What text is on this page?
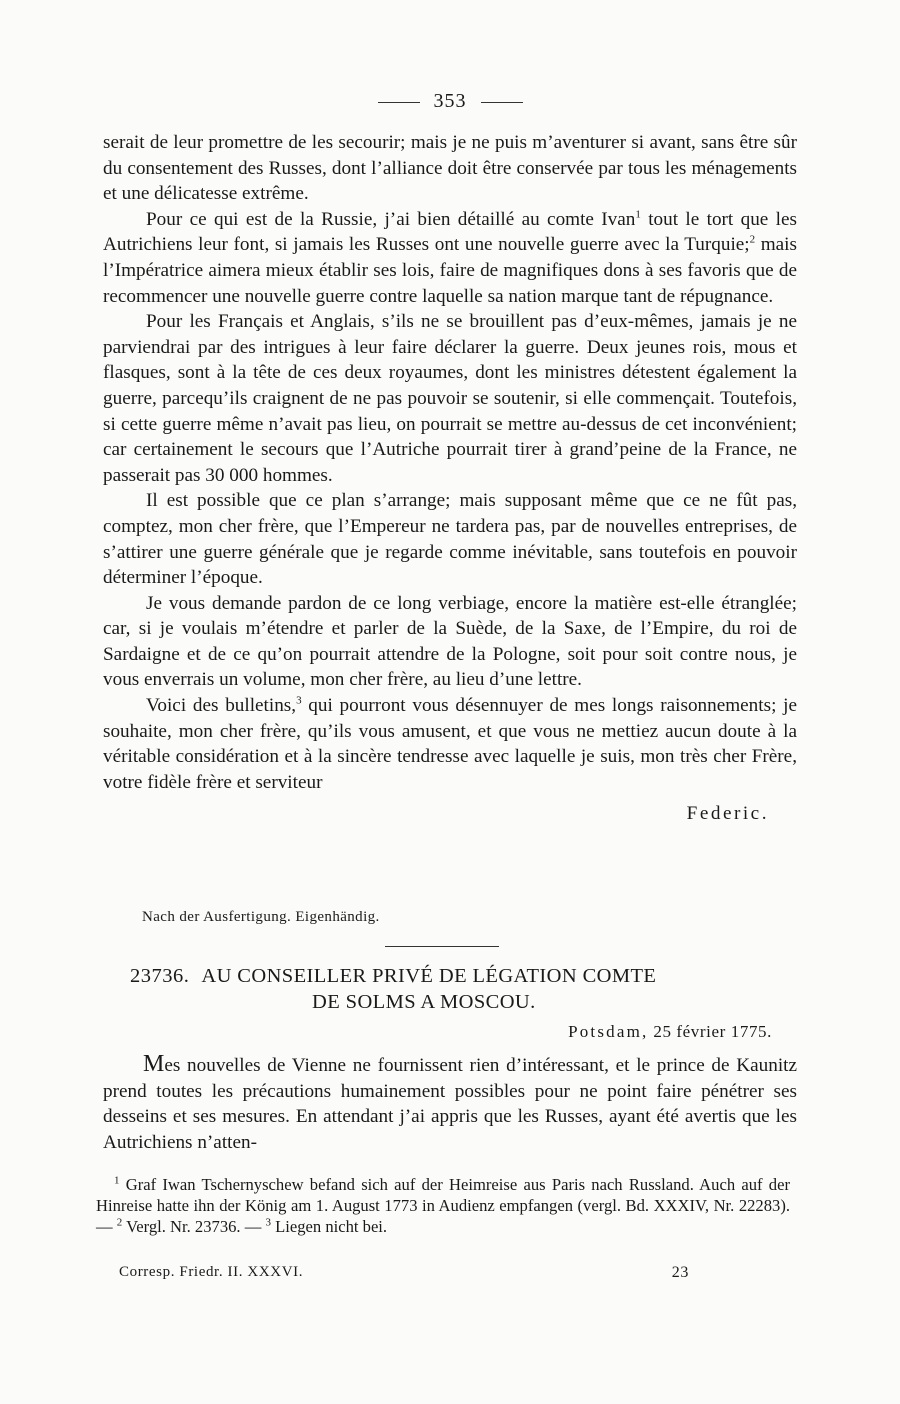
353

serait de leur promettre de les secourir; mais je ne puis m’aventurer si avant, sans être sûr du consentement des Russes, dont l’alliance doit être conservée par tous les ménagements et une délicatesse extrême.

Pour ce qui est de la Russie, j’ai bien détaillé au comte Ivan$^1$ tout le tort que les Autrichiens leur font, si jamais les Russes ont une nouvelle guerre avec la Turquie;$^2$ mais l’Impératrice aimera mieux établir ses lois, faire de magnifiques dons à ses favoris que de recommencer une nouvelle guerre contre laquelle sa nation marque tant de répugnance.

Pour les Français et Anglais, s’ils ne se brouillent pas d’eux-mêmes, jamais je ne parviendrai par des intrigues à leur faire déclarer la guerre. Deux jeunes rois, mous et flasques, sont à la tête de ces deux royaumes, dont les ministres détestent également la guerre, parcequ’ils craignent de ne pas pouvoir se soutenir, si elle commençait. Toutefois, si cette guerre même n’avait pas lieu, on pourrait se mettre au-dessus de cet inconvénient; car certainement le secours que l’Autriche pourrait tirer à grand’peine de la France, ne passerait pas 30 000 hommes.

Il est possible que ce plan s’arrange; mais supposant même que ce ne fût pas, comptez, mon cher frère, que l’Empereur ne tardera pas, par de nouvelles entreprises, de s’attirer une guerre générale que je regarde comme inévitable, sans toutefois en pouvoir déterminer l’époque.

Je vous demande pardon de ce long verbiage, encore la matière est-elle étranglée; car, si je voulais m’étendre et parler de la Suède, de la Saxe, de l’Empire, du roi de Sardaigne et de ce qu’on pourrait attendre de la Pologne, soit pour soit contre nous, je vous enverrais un volume, mon cher frère, au lieu d’une lettre.

Voici des bulletins,$^3$ qui pourront vous désennuyer de mes longs raisonnements; je souhaite, mon cher frère, qu’ils vous amusent, et que vous ne mettiez aucun doute à la véritable considération et à la sincère tendresse avec laquelle je suis, mon très cher Frère, votre fidèle frère et serviteur

Federic.
Nach der Ausfertigung. Eigenhändig.
23736. AU CONSEILLER PRIVÉ DE LÉGATION COMTE
DE SOLMS A MOSCOU.
Potsdam, 25 février 1775.

Mes nouvelles de Vienne ne fournissent rien d’intéressant, et le prince de Kaunitz prend toutes les précautions humainement possibles pour ne point faire pénétrer ses desseins et ses mesures. En attendant j’ai appris que les Russes, ayant été avertis que les Autrichiens n’atten-

$^1$ Graf Iwan Tschernyschew befand sich auf der Heimreise aus Paris nach Russland. Auch auf der Hinreise hatte ihn der König am 1. August 1773 in Audienz empfangen (vergl. Bd. XXXIV, Nr. 22283). — $^2$ Vergl. Nr. 23736. — $^3$ Liegen nicht bei.

Corresp. Friedr. II. XXXVI.	23
